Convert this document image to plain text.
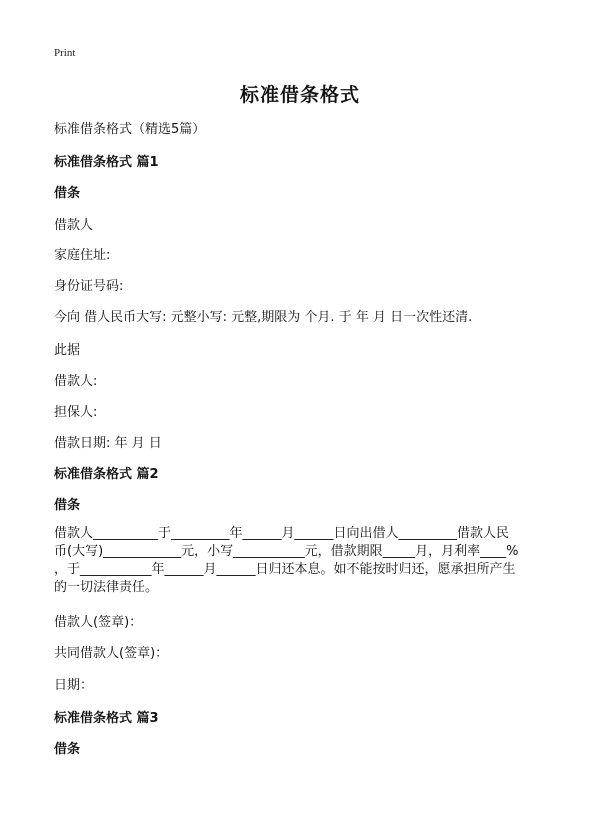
Print
标准借条格式
标准借条格式（精选5篇）
标准借条格式 篇1
借条
借款人
家庭住址:
身份证号码:
今向 借人民币大写: 元整小写: 元整,期限为 个月. 于 年 月 日一次性还清.
此据
借款人:
担保人:
借款日期: 年 月 日
标准借条格式 篇2
借条

借款人__________于_________年______月______日向出借人_________借款人民

币(大写)____________元，小写___________元，借款期限_____月，月利率____%

，于___________年______月______日归还本息。如不能按时归还，愿承担所产生

的一切法律责任。

借款人(签章)：
共同借款人(签章)：
日期：
标准借条格式 篇3
借条
